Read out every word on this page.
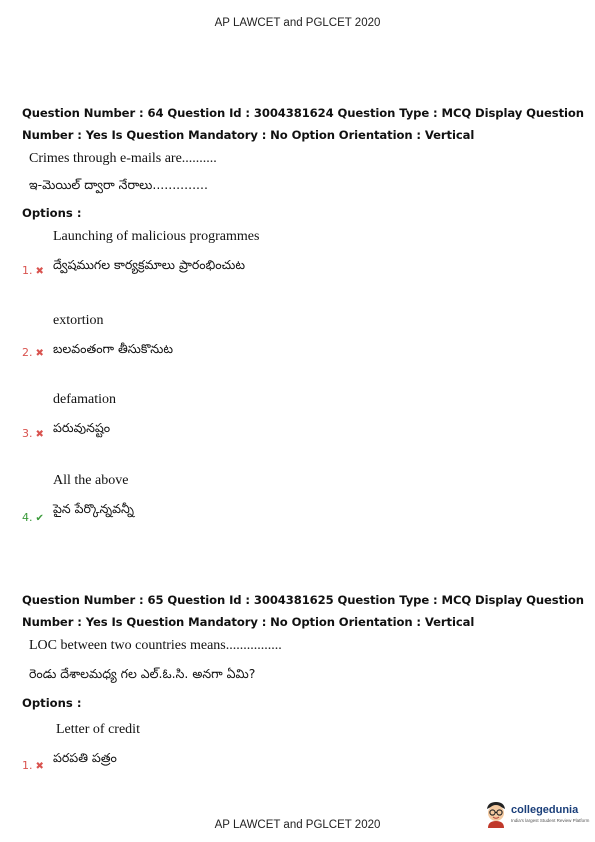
AP LAWCET and PGLCET 2020
Question Number : 64 Question Id : 3004381624 Question Type : MCQ Display Question
Number : Yes Is Question Mandatory : No Option Orientation : Vertical
Crimes through e-mails are..........
ఇ-మెయిల్ ద్వారా నేరాలు..............
Options :
Launching of malicious programmes
1. ✖ ద్వేషముగల కార్యక్రమాలు ప్రారంభించుట
extortion
2. ✖ బలవంతంగా తీసుకొనుట
defamation
3. ✖ పరువునష్టం
All the above
4. ✔
పైన పేర్కొన్నవన్నీ
Question Number : 65 Question Id : 3004381625 Question Type : MCQ Display Question
Number : Yes Is Question Mandatory : No Option Orientation : Vertical
LOC between two countries means................
రెండు దేశాలమధ్య గల ఎల్.ఓ.సి. అనగా ఏమి?
Options :
Letter of credit
1. ✖
పరపతి పత్రం
AP LAWCET and PGLCET 2020
collegedunia
India's largest Student Review Platform
